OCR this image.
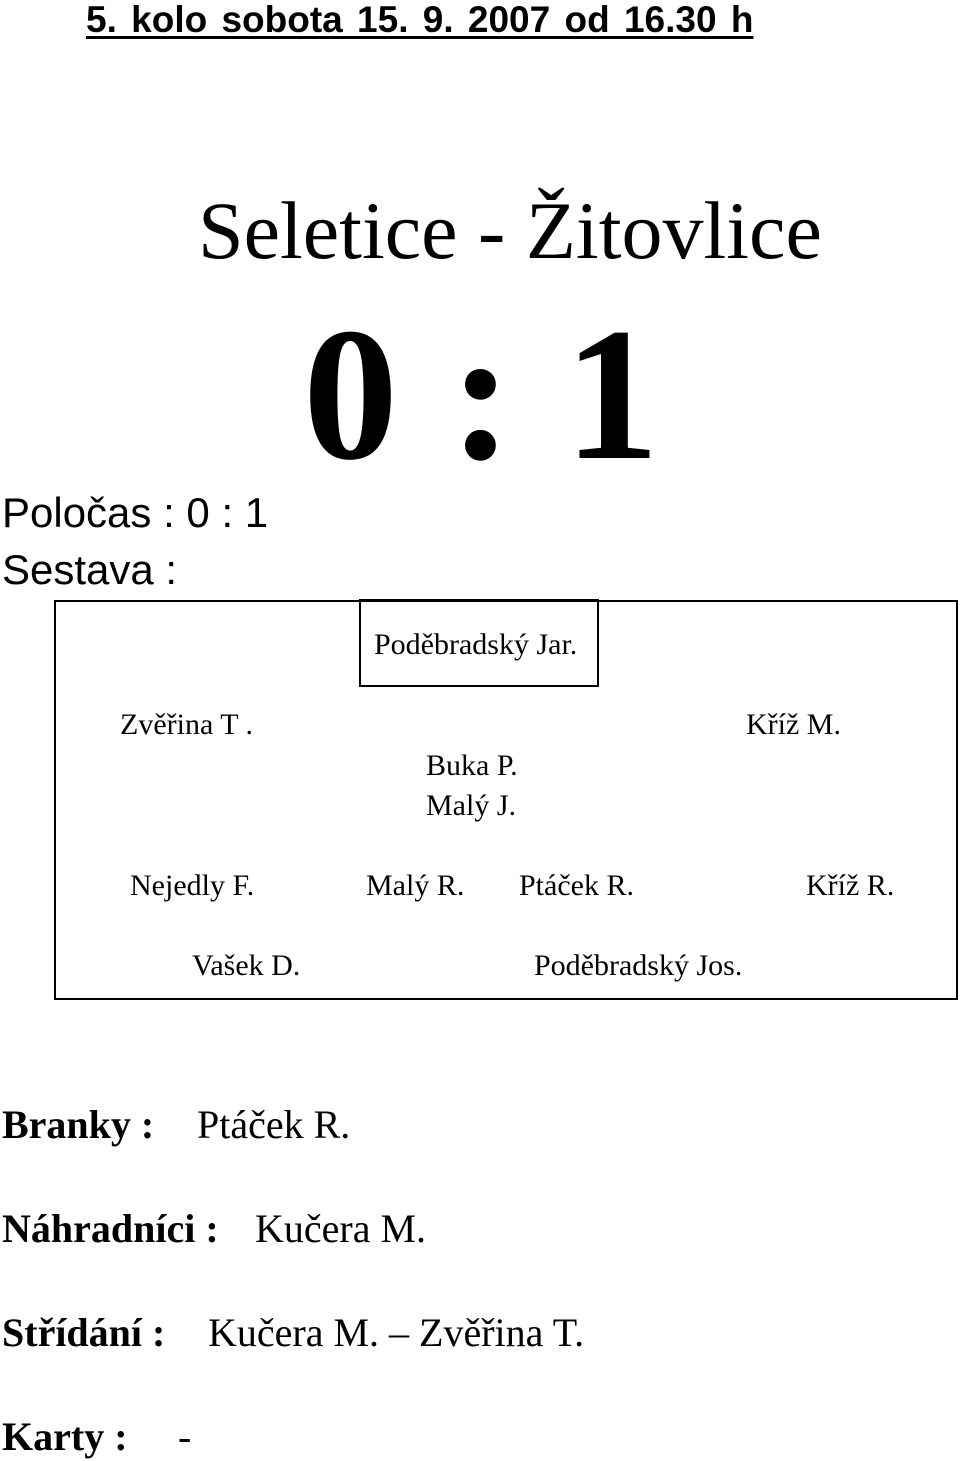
5. kolo sobota 15. 9. 2007 od 16.30 h
Seletice - Žitovlice
0 : 1
Poločas : 0 : 1
Sestava :
Poděbradský Jar.
Zvěřina T .	Kříž M.
Buka P.
Malý J.
Nejedly F.	Malý R. Ptáček R.	Kříž R.
Vašek D.	Poděbradský Jos.
Branky : Ptáček R.
Náhradníci : Kučera M.
Střídání : Kučera M. – Zvěřina T.
Karty : -
